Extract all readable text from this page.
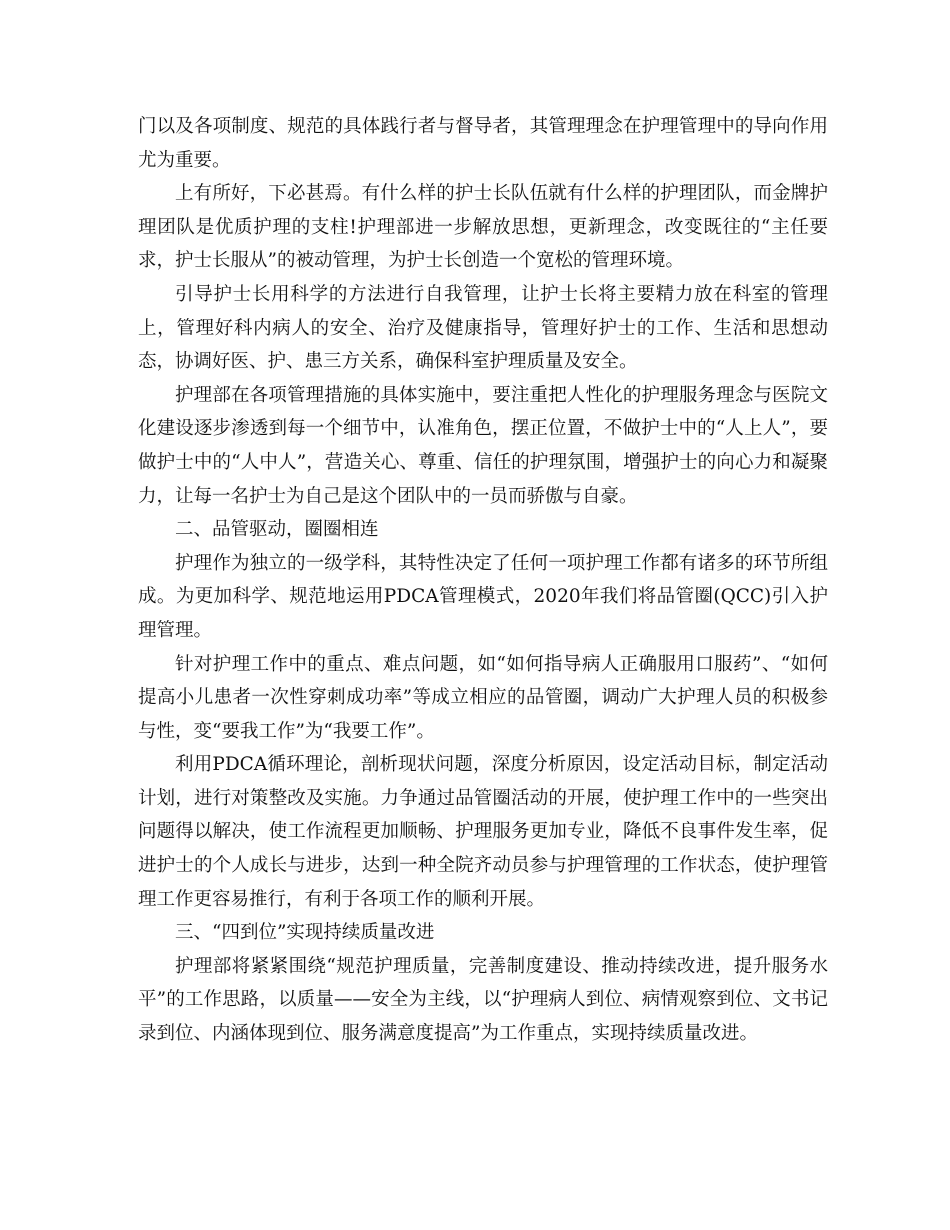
门以及各项制度、规范的具体践行者与督导者，其管理理念在护理管理中的导向作用尤为重要。

上有所好，下必甚焉。有什么样的护士长队伍就有什么样的护理团队，而金牌护理团队是优质护理的支柱!护理部进一步解放思想，更新理念，改变既往的“主任要求，护士长服从”的被动管理，为护士长创造一个宽松的管理环境。

引导护士长用科学的方法进行自我管理，让护士长将主要精力放在科室的管理上，管理好科内病人的安全、治疗及健康指导，管理好护士的工作、生活和思想动态，协调好医、护、患三方关系，确保科室护理质量及安全。

护理部在各项管理措施的具体实施中，要注重把人性化的护理服务理念与医院文化建设逐步渗透到每一个细节中，认准角色，摆正位置，不做护士中的“人上人”，要做护士中的“人中人”，营造关心、尊重、信任的护理氛围，增强护士的向心力和凝聚力，让每一名护士为自己是这个团队中的一员而骄傲与自豪。

二、品管驱动，圈圈相连

护理作为独立的一级学科，其特性决定了任何一项护理工作都有诸多的环节所组成。为更加科学、规范地运用PDCA管理模式，2020年我们将品管圈(QCC)引入护理管理。

针对护理工作中的重点、难点问题，如“如何指导病人正确服用口服药”、“如何提高小儿患者一次性穿刺成功率”等成立相应的品管圈，调动广大护理人员的积极参与性，变“要我工作”为“我要工作”。

利用PDCA循环理论，剖析现状问题，深度分析原因，设定活动目标，制定活动计划，进行对策整改及实施。力争通过品管圈活动的开展，使护理工作中的一些突出问题得以解决，使工作流程更加顺畅、护理服务更加专业，降低不良事件发生率，促进护士的个人成长与进步，达到一种全院齐动员参与护理管理的工作状态，使护理管理工作更容易推行，有利于各项工作的顺利开展。

三、“四到位”实现持续质量改进

护理部将紧紧围绕“规范护理质量，完善制度建设、推动持续改进，提升服务水平”的工作思路，以质量——安全为主线，以“护理病人到位、病情观察到位、文书记录到位、内涵体现到位、服务满意度提高”为工作重点，实现持续质量改进。
